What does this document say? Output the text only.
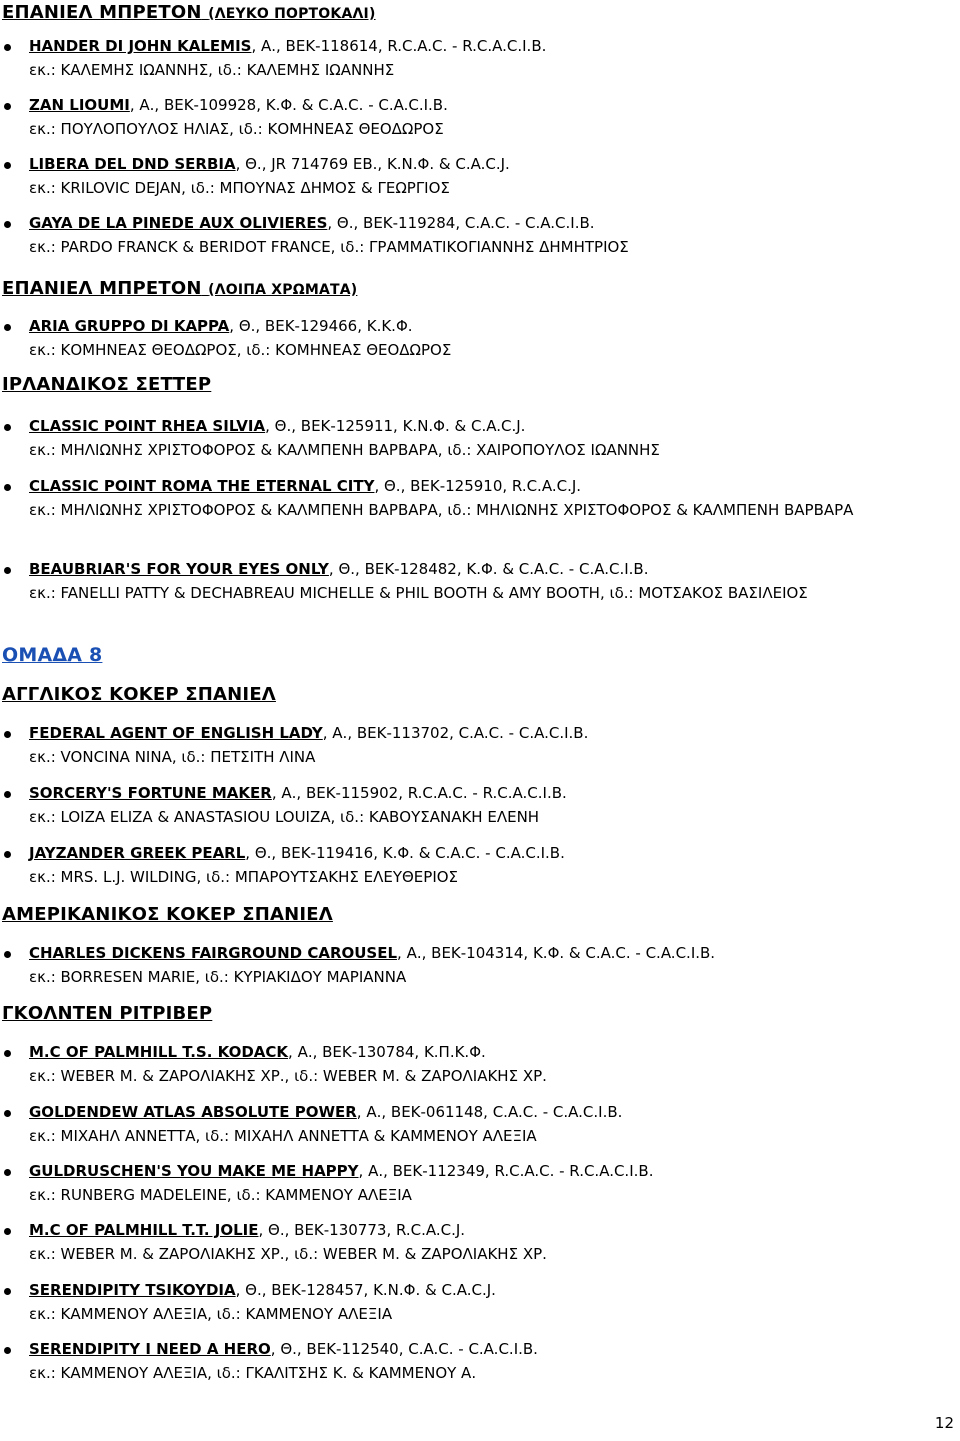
ΕΠΑΝΙΕΛ ΜΠΡΕΤΟΝ (ΛΕΥΚΟ ΠΟΡΤΟΚΑΛΙ)
HANDER DI JOHN KALEMIS, Α., ΒΕΚ-118614, R.C.A.C. - R.C.A.C.I.B.
εκ.: ΚΑΛΕΜΗΣ ΙΩΑΝΝΗΣ, ιδ.: ΚΑΛΕΜΗΣ ΙΩΑΝΝΗΣ
ZAN LIOUMI, Α., ΒΕΚ-109928, Κ.Φ. & C.A.C. - C.A.C.I.B.
εκ.: ΠΟΥΛΟΠΟΥΛΟΣ ΗΛΙΑΣ, ιδ.: ΚΟΜΗΝΕΑΣ ΘΕΟΔΩΡΟΣ
LIBERA DEL DND SERBIA, Θ., JR 714769 ΕΒ., Κ.Ν.Φ. & C.A.C.J.
εκ.: KRILOVIC DEJAN, ιδ.: ΜΠΟΥΝΑΣ ΔΗΜΟΣ & ΓΕΩΡΓΙΟΣ
GAYA DE LA PINEDE AUX OLIVIERES, Θ., ΒΕΚ-119284, C.A.C. - C.A.C.I.B.
εκ.: PARDO FRANCK & BERIDOT FRANCE, ιδ.: ΓΡΑΜΜΑΤΙΚΟΓΙΑΝΝΗΣ ΔΗΜΗΤΡΙΟΣ
ΕΠΑΝΙΕΛ ΜΠΡΕΤΟΝ (ΛΟΙΠΑ ΧΡΩΜΑΤΑ)
ARIA GRUPPO DI KAPPA, Θ., ΒΕΚ-129466, Κ.Κ.Φ.
εκ.: ΚΟΜΗΝΕΑΣ ΘΕΟΔΩΡΟΣ, ιδ.: ΚΟΜΗΝΕΑΣ ΘΕΟΔΩΡΟΣ
ΙΡΛΑΝΔΙΚΟΣ ΣΕΤΤΕΡ
CLASSIC POINT RHEA SILVIA, Θ., ΒΕΚ-125911, Κ.Ν.Φ. & C.A.C.J.
εκ.: ΜΗΛΙΩΝΗΣ ΧΡΙΣΤΟΦΟΡΟΣ & ΚΑΛΜΠΕΝΗ ΒΑΡΒΑΡΑ, ιδ.: ΧΑΙΡΟΠΟΥΛΟΣ ΙΩΑΝΝΗΣ
CLASSIC POINT ROMA THE ETERNAL CITY, Θ., ΒΕΚ-125910, R.C.A.C.J.
εκ.: ΜΗΛΙΩΝΗΣ ΧΡΙΣΤΟΦΟΡΟΣ & ΚΑΛΜΠΕΝΗ ΒΑΡΒΑΡΑ, ιδ.: ΜΗΛΙΩΝΗΣ ΧΡΙΣΤΟΦΟΡΟΣ & ΚΑΛΜΠΕΝΗ ΒΑΡΒΑΡΑ
BEAUBRIAR'S FOR YOUR EYES ONLY, Θ., ΒΕΚ-128482, Κ.Φ. & C.A.C. - C.A.C.I.B.
εκ.: FANELLI PATTY & DECHABREAU MICHELLE & PHIL BOOTH & AMY BOOTH, ιδ.: ΜΟΤΣΑΚΟΣ ΒΑΣΙΛΕΙΟΣ
ΟΜΑΔΑ 8
ΑΓΓΛΙΚΟΣ ΚΟΚΕΡ ΣΠΑΝΙΕΛ
FEDERAL AGENT OF ENGLISH LADY, Α., ΒΕΚ-113702, C.A.C. - C.A.C.I.B.
εκ.: VONCINA NINA, ιδ.: ΠΕΤΣΙΤΗ ΛΙΝΑ
SORCERY'S FORTUNE MAKER, Α., ΒΕΚ-115902, R.C.A.C. - R.C.A.C.I.B.
εκ.: LOIZA ELIZA & ANASTASIOU LOUIZA, ιδ.: ΚΑΒΟΥΣΑΝΑΚΗ ΕΛΕΝΗ
JAYZANDER GREEK PEARL, Θ., ΒΕΚ-119416, Κ.Φ. & C.A.C. - C.A.C.I.B.
εκ.: MRS. L.J. WILDING, ιδ.: ΜΠΑΡΟΥΤΣΑΚΗΣ ΕΛΕΥΘΕΡΙΟΣ
ΑΜΕΡΙΚΑΝΙΚΟΣ ΚΟΚΕΡ ΣΠΑΝΙΕΛ
CHARLES DICKENS FAIRGROUND CAROUSEL, Α., ΒΕΚ-104314, Κ.Φ. & C.A.C. - C.A.C.I.B.
εκ.: BORRESEN MARIE, ιδ.: ΚΥΡΙΑΚΙΔΟΥ ΜΑΡΙΑΝΝΑ
ΓΚΟΛΝΤΕΝ ΡΙΤΡΙΒΕΡ
M.C OF PALMHILL T.S. KODACK, Α., ΒΕΚ-130784, Κ.Π.Κ.Φ.
εκ.: WEBER M. & ΖΑΡΟΛΙΑΚΗΣ ΧΡ., ιδ.: WEBER M. & ΖΑΡΟΛΙΑΚΗΣ ΧΡ.
GOLDENDEW ATLAS ABSOLUTE POWER, Α., ΒΕΚ-061148, C.A.C. - C.A.C.I.B.
εκ.: ΜΙΧΑΗΛ ΑΝΝΕΤΤΑ, ιδ.: ΜΙΧΑΗΛ ΑΝΝΕΤΤΑ & ΚΑΜΜΕΝΟΥ ΑΛΕΞΙΑ
GULDRUSCHEN'S YOU MAKE ME HAPPY, Α., ΒΕΚ-112349, R.C.A.C. - R.C.A.C.I.B.
εκ.: RUNBERG MADELEINE, ιδ.: ΚΑΜΜΕΝΟΥ ΑΛΕΞΙΑ
M.C OF PALMHILL T.T. JOLIE, Θ., ΒΕΚ-130773, R.C.A.C.J.
εκ.: WEBER M. & ΖΑΡΟΛΙΑΚΗΣ ΧΡ., ιδ.: WEBER M. & ΖΑΡΟΛΙΑΚΗΣ ΧΡ.
SERENDIPITY TSIKOYDIA, Θ., ΒΕΚ-128457, Κ.Ν.Φ. & C.A.C.J.
εκ.: ΚΑΜΜΕΝΟΥ ΑΛΕΞΙΑ, ιδ.: ΚΑΜΜΕΝΟΥ ΑΛΕΞΙΑ
SERENDIPITY I NEED A HERO, Θ., ΒΕΚ-112540, C.A.C. - C.A.C.I.B.
εκ.: ΚΑΜΜΕΝΟΥ ΑΛΕΞΙΑ, ιδ.: ΓΚΑΛΙΤΣΗΣ Κ. & ΚΑΜΜΕΝΟΥ Α.
12
